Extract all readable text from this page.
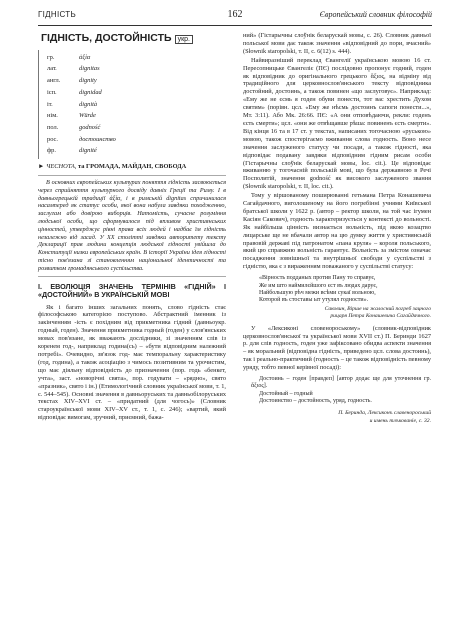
ГІДНІСТЬ	162	Європейський словник філософій
ГІДНІСТЬ, ДОСТОЙНІСТЬ укр.
гр.	ἀξία
лат.	dignitas
англ.	dignity
ісп.	dignidad
іт.	dignità
нім.	Würde
пол.	godność
рос.	достоинство
фр.	dignité
► ЧЕСНОТА, та ГРОМАДА, МАЙДАН, СВОБОДА

В основних європейських культурах поняття гідність засвоюється через сприйняття культурного досвіду давніх Греції та Риму. І в давньогрецькій традиції ἀξία, і в римській dignitas спричинилася насамперед як статус особи, якої вона набула завдяки походженню, заслугам або довірою виборців. Натомість, сучасне розуміння людської особи, що сформувалося під впливом християнських цінностей, утверджує рівні права всіх людей і надбає їм гідність незалежно від засад. У ХХ столітті завдяки авторитету тексту Декларації прав людини концепція людської гідності увійшла до Конституції низки європейських країн. В історії України ідея гідності тісно пов'язана зі становленням національної ідентичності та розвитком громадянського суспільства.

І. ЕВОЛЮЦІЯ ЗНАЧЕНЬ ТЕРМІНІВ «ГІДНІЙ» І «ДОСТОЙНИЙ» В УКРАЇНСЬКІЙ МОВІ

Як і багато інших загальних понять, слово гідність стає філософською категорією поступово. Абстрактний іменник із закінченням -ість є похідним від прикметника гідний (давньоукр. годный, годен). Значення прикметника годный (годен) у слов'янських мовах пов'язане, як вважають дослідники, зі значенням слів із коренем год-, наприклад година(сь) – «бути відповідним належний потребі». Очевидно, зв'язок год- має темпоральну характеристику (год, година), а також асоціацію з чимось позитивним та урочистим, що має діяльну відповідність до призначення (пор. годь «бенкет, учта», заст. «новорічні свята», пор. годувати – «рядно», свято «празник», свято і ін.) (Етимологічний словник української мови, т. 1, с. 544–545). Основні значення в давньоруських та давньобілоруських текстах XIV–XVI ст. – «придатний (для чогось)» (Словник староукраїнської мови XIV–XV ст., т. 1, с. 246); «вартий, який відповідає вимогам, зручний, приємний, бажа-

ний» (Гістарычны слоўнік беларускай мовы, с. 26). Словник давньої польської мови дає також значення «відповідний до пори, вчасний» (Słownik staropolski, т. ІІ, с. 6(12) s. 444).

Найвиразніший переклад Євангелії українською мовою 16 ст. Пересопницьке Євангеліє (ПЄ) послідовно пропонує годний, годен як відповідник до оригінального грецького ἄξιος, на відміну від традиційного для церковнослов'янського тексту відповідника достойний, достоинь, а також повинен «що заслуговує». Наприклад: «Ему же не єсмь я годен обуви понести, тот вас хрестить Духом святим» (порівн. цсл. «Ему же нѣсмь достоинъ сапоги понести...», Мт. 3:11). Або Мк. 26:66. ПЄ: «А они отповѣдаючи, рекли: годенъ єсть смерти»; цсл. «они же отвѣщавше рѣша: повиненъ єсть смерти». Від кінця 16 та в 17 ст. у текстах, написаних тогочасною «руською» мовою, також спостерігаємо вживання слова годность. Воно несе значення заслуженого статусу чи посади, а також гідності, яка відповідає подавану завдяки відповідним гідним рисам особи (Гістарычны слоўнік беларускай мовы, loc. cit.). Це відповідає вживанню у тогочасній польській мові, що була державною в Речі Посполитій, значення godność як високого заслуженого звання (Słownik staropolski, т. ІІ, loc. cit.).

Тому у віршованому поширюванні гетьмана Петра Конашевича Сагайдачного, виголошеному на його погребінні учнями Київської братської школи у 1622 р. (автор – ректор школи, на той час ігумен Касіян Сакович), годность характеризується у контексті до вольності. Як найбільша цінність визнається вольність, під якою козацтво лицарське ще не вбачали автор на цю думку життя у християнській правовій державі під патронатом «пана круля» – короля польського, який цю справжню вольність гарантує. Вольність за змістом означає посадження зовнішньої та внутрішньої свободи у суспільстві з гідністю, яка є з вираженням поважаного у суспільстві статусу:

«Вірность подданых против Пану то справує,

Же им што наймилєйшого єст въ людах дарує,

Найбольшую рѣч межи всѣми сукаї вольною,

Которой въ стоставы ыт утулял годности».

Саковин, Вірше на жалосний погреб зацного
рицаря Петра Конашевича Сагайдачного.

У «Лексиконі словенороському» (словник-відповідник церковнослов'янської та української мови XVII ст.) П. Беринди 1627 р. для слів годность, годен уже зафіксовано обидва аспекти значення – як моральний (відповідна гідність, приведено цсл. слова достоинь), так і реально-практичний (годность – це також відповідність певному уряду, тобто певної керівної посаді):

Достоинь – годен [правдеп] [автор додає ще для уточнення гр. ἄξιος].

Достойный – годный

Достоинство – достойность, уряд, годность.

П. Беринда, Лексиконъ славенороський
и имень тлъкованіе, с. 32.
